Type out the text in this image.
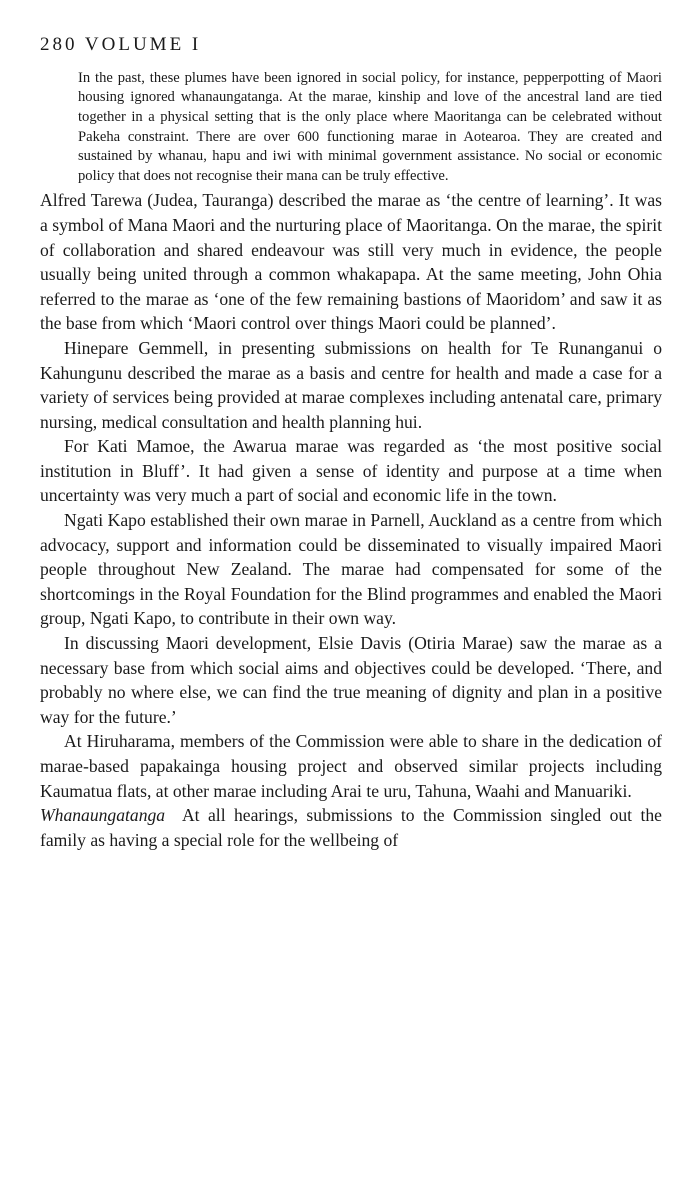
280 VOLUME I

In the past, these plumes have been ignored in social policy, for instance, pepperpotting of Maori housing ignored whanaungatanga. At the marae, kinship and love of the ancestral land are tied together in a physical setting that is the only place where Maoritanga can be celebrated without Pakeha constraint. There are over 600 functioning marae in Aotearoa. They are created and sustained by whanau, hapu and iwi with minimal government assistance. No social or economic policy that does not recognise their mana can be truly effective.

Alfred Tarewa (Judea, Tauranga) described the marae as ‘the centre of learning’. It was a symbol of Mana Maori and the nurturing place of Maoritanga. On the marae, the spirit of collaboration and shared endeavour was still very much in evidence, the people usually being united through a common whakapapa. At the same meeting, John Ohia referred to the marae as ‘one of the few remaining bastions of Maoridom’ and saw it as the base from which ‘Maori control over things Maori could be planned’.

Hinepare Gemmell, in presenting submissions on health for Te Runanganui o Kahungunu described the marae as a basis and centre for health and made a case for a variety of services being provided at marae complexes including antenatal care, primary nursing, medical consultation and health planning hui.

For Kati Mamoe, the Awarua marae was regarded as ‘the most positive social institution in Bluff’. It had given a sense of identity and purpose at a time when uncertainty was very much a part of social and economic life in the town.

Ngati Kapo established their own marae in Parnell, Auckland as a centre from which advocacy, support and information could be disseminated to visually impaired Maori people throughout New Zealand. The marae had compensated for some of the shortcomings in the Royal Foundation for the Blind programmes and enabled the Maori group, Ngati Kapo, to contribute in their own way.

In discussing Maori development, Elsie Davis (Otiria Marae) saw the marae as a necessary base from which social aims and objectives could be developed. ‘There, and probably no where else, we can find the true meaning of dignity and plan in a positive way for the future.’

At Hiruharama, members of the Commission were able to share in the dedication of marae-based papakainga housing project and observed similar projects including Kaumatua flats, at other marae including Arai te uru, Tahuna, Waahi and Manuariki.

Whanaungatanga At all hearings, submissions to the Commission singled out the family as having a special role for the wellbeing of
